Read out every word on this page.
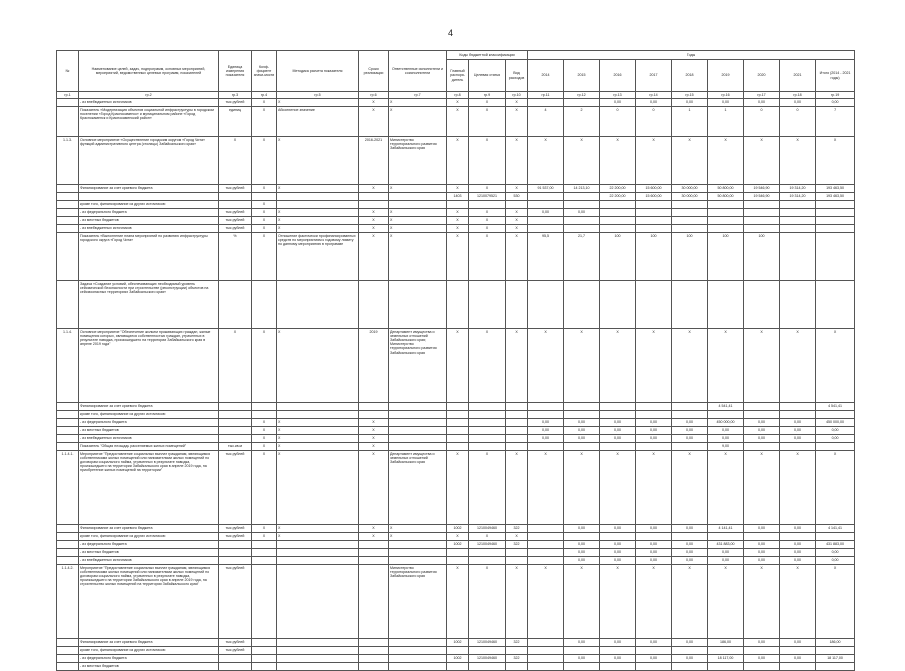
4
№	Наименование целей, задач, подпрограмм, основных мероприятий, мероприятий, ведомственных целевых программ, показателей	Единица измерения показателя	Коэф-фициент значи-мости	Методика расчета показателя	Сроки реализации	Ответственные исполнители и соисполнители	Коды бюджетной классификации			Годы								
							Главный распоря-дитель	Целевая статья	Вид расходов	2014	2015	2016	2017	2018	2019	2020	2021	Итого (2014 - 2021 годы)
гр.1	гр.2	гр.3	гр.4	гр.5	гр.6	гр.7	гр.8	гр.9	гр.10	гр.11	гр.12	гр.13	гр.14	гр.15	гр.16	гр.17	гр.18	гр.19
	- из внебюджетных источников	тыс.рублей	Х	Х	Х	Х	Х	Х	Х			0,00	0,00	0,00	0,00	0,00	0,00	0,00
	Показатель «Модернизация объектов социальной инфраструктуры в городском поселении «Город Краснокаменск» и муниципальном районе «Город Краснокаменск и Краснокаменский район»	единиц	Х	Абсолютное значение	Х	Х	Х	Х	Х	4	2	0	0	1	1	0	0	7
1.1.3.	Основное мероприятие «Осуществление городским округом «Город Чита» функций административного центра (столицы) Забайкальского края»	Х	Х	Х	2016-2021	Министерство территориального развития Забайкальского края	Х	Х	Х	Х	Х	Х	Х	Х	Х	Х	Х	Х
	Финансирование за счет краевого бюджета	тыс.рублей	Х	Х	Х	Х	Х	Х	Х	91 537,00	14 213,10	22 200,00	15 600,00	30 000,00	50 800,00	19 546,90	19 314,20	193 463,50
							1403	1210079521	530			22 200,00	15 600,00	30 000,00	50 800,00	19 546,90	19 314,20	193 463,50
	кроме того, финансирование из других источников:		Х															
	- из федерального бюджета	тыс.рублей	Х	Х	Х	Х	Х	Х	Х	0,00	0,00							
	- из местных бюджетов	тыс.рублей	Х	Х	Х	Х	Х	Х	Х									
	- из внебюджетных источников	тыс.рублей	Х	Х	Х	Х	Х	Х	Х									
	Показатель «Выполнение плана мероприятий по развитию инфраструктуры городского округа «Город Чита»	%	Х	Отношение фактически профинансированных средств по мероприятиям к годовому лимиту по данному мероприятию в программе	Х	Х	Х	Х	Х	95,5	21,7	100	100	100	100	100		
	Задача «Создание условий, обеспечивающих необходимый уровень сейсмической безопасности при строительстве (реконструкции) объектов на сейсмоопасных территориях Забайкальского края»																	
1.1.4.	Основное мероприятие "Обеспечение жильем проживающих граждан, жилые помещения которых, являющиеся собственностью граждан, утраченных в результате паводка, произошедшего на территории Забайкальского края в апреле 2019 года"	Х	Х	Х	2019	Департамент имущества и земельных отношений Забайкальского края; Министерство территориального развития Забайкальского края	Х	Х	Х	Х	Х	Х	Х	Х	Х	Х	Х	Х
	Финансирование за счет краевого бюджета														4 541,41			4 541,41
	кроме того, финансирование из других источников:																	
	- из федерального бюджета		Х	Х	Х					0,00	0,00	0,00	0,00	0,00	450 000,00	0,00	0,00	450 000,00
	- из местных бюджетов		Х	Х	Х					0,00	0,00	0,00	0,00	0,00	0,00	0,00	0,00	0,00
	- из внебюджетных источников		Х	Х	Х					0,00	0,00	0,00	0,00	0,00	0,00	0,00	0,00	0,00
	Показатель "Общая площадь расселяемых жилых помещений"	тыс.кв.м	Х	Х	Х										9,00			
1.1.4.1.	Мероприятие "Предоставление социальных выплат гражданам, являющимся собственниками жилых помещений или нанимателями жилых помещений по договорам социального найма, утраченных в результате паводка, произошедшего на территории Забайкальского края в апреле 2019 года, на приобретение жилых помещений на территории"	тыс.рублей	Х	Х	Х	Департамент имущества и земельных отношений Забайкальского края	Х	Х	Х	Х	Х	Х	Х	Х	Х	Х	Х	Х
	Финансирование за счет краевого бюджета	тыс.рублей	Х	Х	Х	Х	1002	1210049460	322		0,00	0,00	0,00	0,00	4 141,41	0,00	0,00	4 141,41
	кроме того, финансирование из других источников:	тыс.рублей	Х	Х	Х	Х	Х	Х	Х									
	- из федерального бюджета						1002	1210049460	322		0,00	0,00	0,00	0,00	431 883,00	0,00	0,00	431 883,00
	- из местных бюджетов										0,00	0,00	0,00	0,00	0,00	0,00	0,00	0,00
	- из внебюджетных источников										0,00	0,00	0,00	0,00	0,00	0,00	0,00	0,00
1.1.4.2.	Мероприятие "Предоставление социальных выплат гражданам, являющимся собственниками жилых помещений или нанимателями жилых помещений по договорам социального найма, утраченных в результате паводка, произошедшего на территории Забайкальского края в апреле 2019 года, на строительство жилых помещений на территории Забайкальского края"	тыс.рублей				Министерство территориального развития Забайкальского края	Х	Х	Х	Х	Х	Х	Х	Х	Х	Х	Х	Х
	Финансирование за счет краевого бюджета	тыс.рублей					1002	1210049460	322		0,00	0,00	0,00	0,00	186,00	0,00	0,00	186,00
	кроме того, финансирование из других источников:	тыс.рублей																
	- из федерального бюджета						1002	1210049460	322		0,00	0,00	0,00	0,00	18 117,00	0,00	0,00	18 117,00
	- из местных бюджетов																	
